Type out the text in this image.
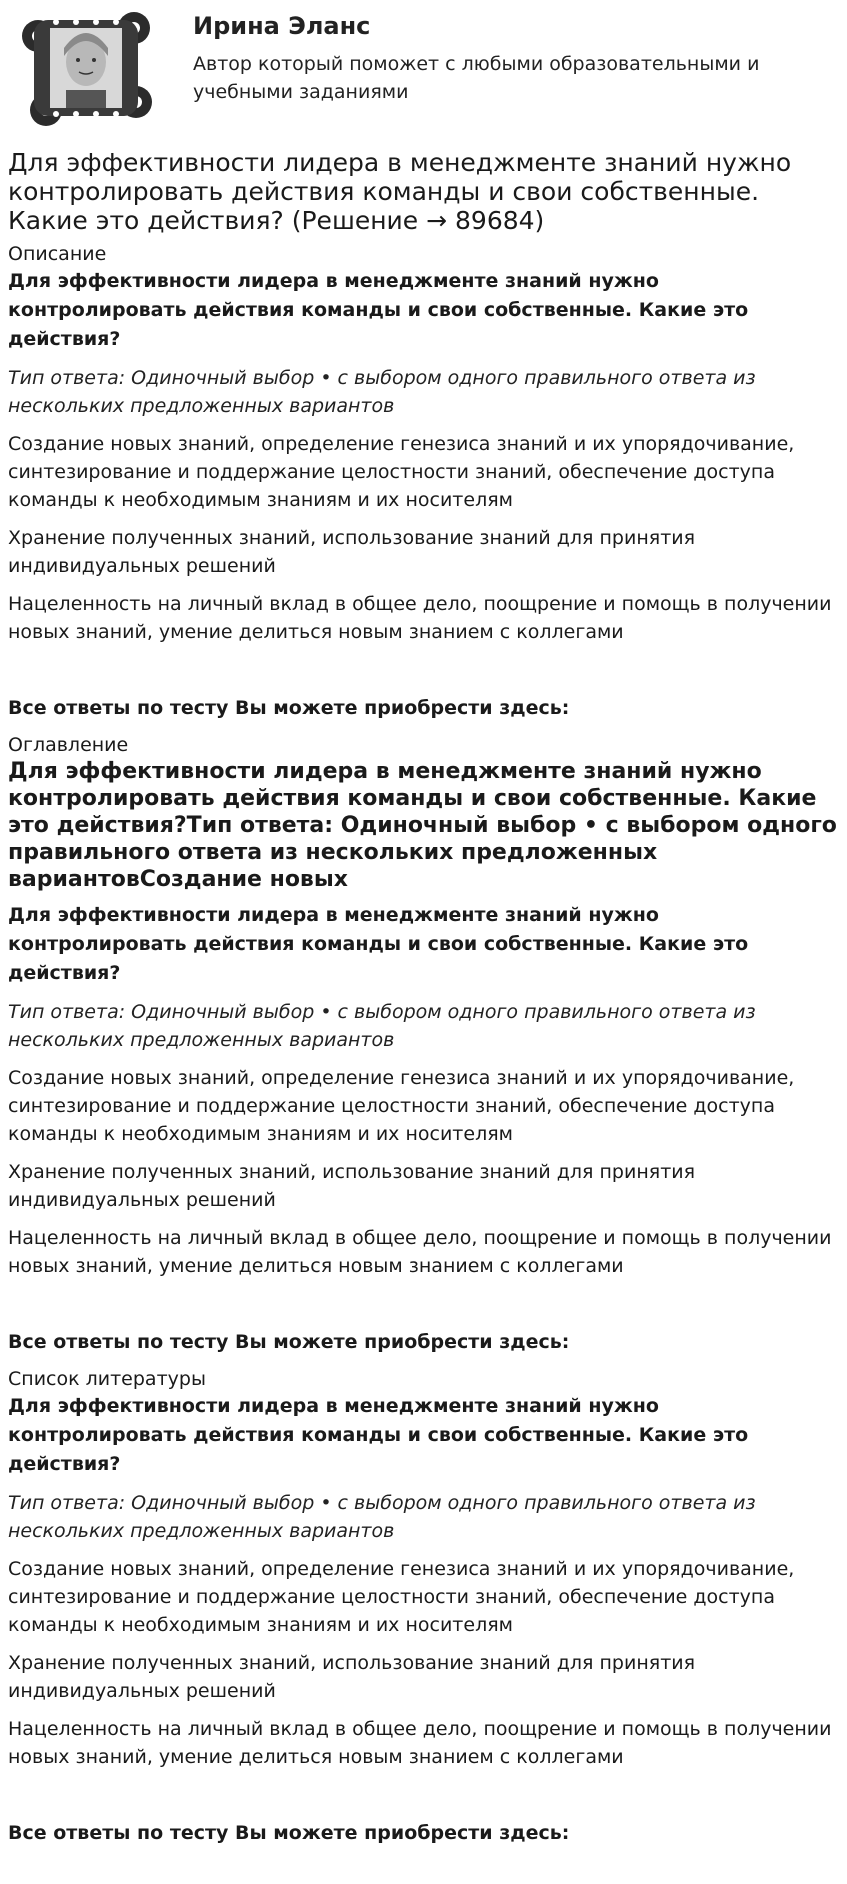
Ирина Эланс
Автор который поможет с любыми образовательными и учебными заданиями
Для эффективности лидера в менеджменте знаний нужно контролировать действия команды и свои собственные. Какие это действия? (Решение → 89684)

Описание

Для эффективности лидера в менеджменте знаний нужно контролировать действия команды и свои собственные. Какие это действия?

Тип ответа: Одиночный выбор • с выбором одного правильного ответа из нескольких предложенных вариантов

Создание новых знаний, определение генезиса знаний и их упорядочивание, синтезирование и поддержание целостности знаний, обеспечение доступа команды к необходимым знаниям и их носителям

Хранение полученных знаний, использование знаний для принятия индивидуальных решений

Нацеленность на личный вклад в общее дело, поощрение и помощь в получении новых знаний, умение делиться новым знанием с коллегами

Все ответы по тесту Вы можете приобрести здесь:

Оглавление

Для эффективности лидера в менеджменте знаний нужно контролировать действия команды и свои собственные. Какие это действия?Тип ответа: Одиночный выбор • с выбором одного правильного ответа из нескольких предложенных вариантовСоздание новых

Для эффективности лидера в менеджменте знаний нужно контролировать действия команды и свои собственные. Какие это действия?

Тип ответа: Одиночный выбор • с выбором одного правильного ответа из нескольких предложенных вариантов

Создание новых знаний, определение генезиса знаний и их упорядочивание, синтезирование и поддержание целостности знаний, обеспечение доступа команды к необходимым знаниям и их носителям

Хранение полученных знаний, использование знаний для принятия индивидуальных решений

Нацеленность на личный вклад в общее дело, поощрение и помощь в получении новых знаний, умение делиться новым знанием с коллегами

Все ответы по тесту Вы можете приобрести здесь:

Список литературы

Для эффективности лидера в менеджменте знаний нужно контролировать действия команды и свои собственные. Какие это действия?

Тип ответа: Одиночный выбор • с выбором одного правильного ответа из нескольких предложенных вариантов

Создание новых знаний, определение генезиса знаний и их упорядочивание, синтезирование и поддержание целостности знаний, обеспечение доступа команды к необходимым знаниям и их носителям

Хранение полученных знаний, использование знаний для принятия индивидуальных решений

Нацеленность на личный вклад в общее дело, поощрение и помощь в получении новых знаний, умение делиться новым знанием с коллегами

Все ответы по тесту Вы можете приобрести здесь:
